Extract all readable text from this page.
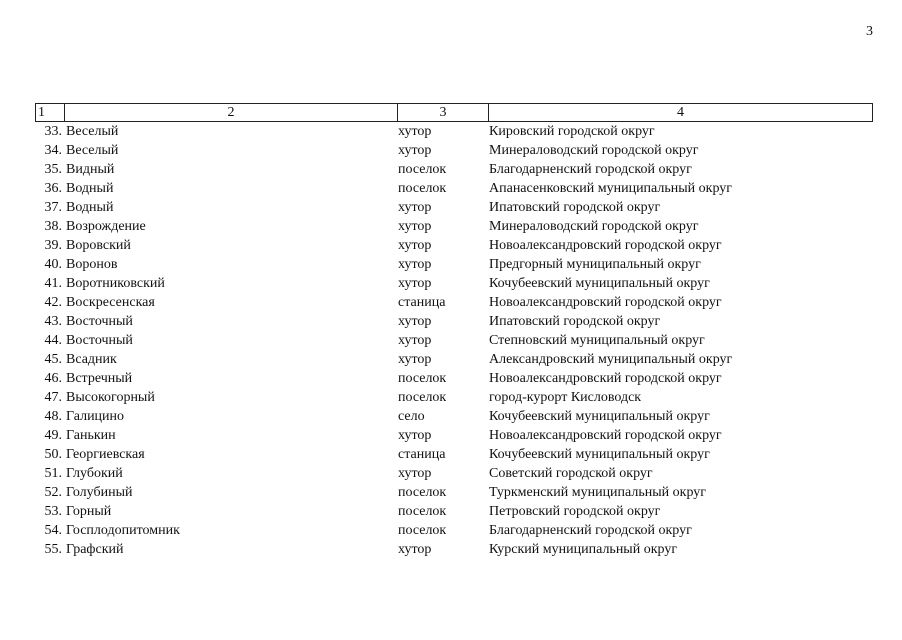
3
1	2	3	4
33. Веселый	хутор	Кировский городской округ
34. Веселый	хутор	Минераловодский городской округ
35. Видный	поселок	Благодарненский городской округ
36. Водный	поселок	Апанасенковский муниципальный округ
37. Водный	хутор	Ипатовский городской округ
38. Возрождение	хутор	Минераловодский городской округ
39. Воровский	хутор	Новоалександровский городской округ
40. Воронов	хутор	Предгорный муниципальный округ
41. Воротниковский	хутор	Кочубеевский муниципальный округ
42. Воскресенская	станица	Новоалександровский городской округ
43. Восточный	хутор	Ипатовский городской округ
44. Восточный	хутор	Степновский муниципальный округ
45. Всадник	хутор	Александровский муниципальный округ
46. Встречный	поселок	Новоалександровский городской округ
47. Высокогорный	поселок	город-курорт Кисловодск
48. Галицино	село	Кочубеевский муниципальный округ
49. Ганькин	хутор	Новоалександровский городской округ
50. Георгиевская	станица	Кочубеевский муниципальный округ
51. Глубокий	хутор	Советский городской округ
52. Голубиный	поселок	Туркменский муниципальный округ
53. Горный	поселок	Петровский городской округ
54. Госплодопитомник	поселок	Благодарненский городской округ
55. Графский	хутор	Курский муниципальный округ
